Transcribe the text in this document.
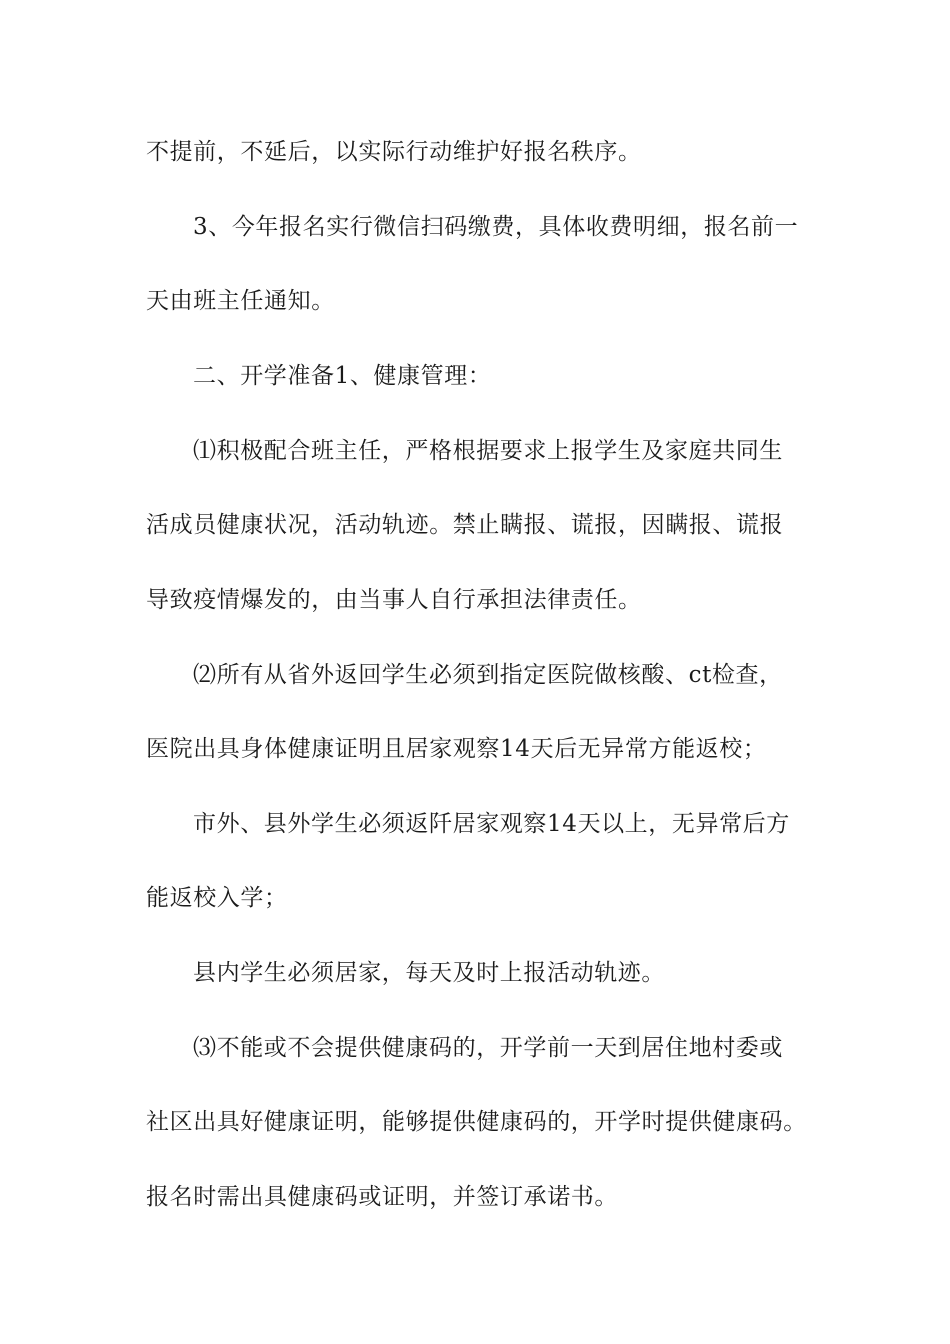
不提前，不延后，以实际行动维护好报名秩序。
3、今年报名实行微信扫码缴费，具体收费明细，报名前一
天由班主任通知。
二、开学准备1、健康管理：
⑴积极配合班主任，严格根据要求上报学生及家庭共同生
活成员健康状况，活动轨迹。禁止瞒报、谎报，因瞒报、谎报
导致疫情爆发的，由当事人自行承担法律责任。
⑵所有从省外返回学生必须到指定医院做核酸、ct检查，
医院出具身体健康证明且居家观察14天后无异常方能返校；
市外、县外学生必须返阡居家观察14天以上，无异常后方
能返校入学；
县内学生必须居家，每天及时上报活动轨迹。
⑶不能或不会提供健康码的，开学前一天到居住地村委或
社区出具好健康证明，能够提供健康码的，开学时提供健康码。
报名时需出具健康码或证明，并签订承诺书。
